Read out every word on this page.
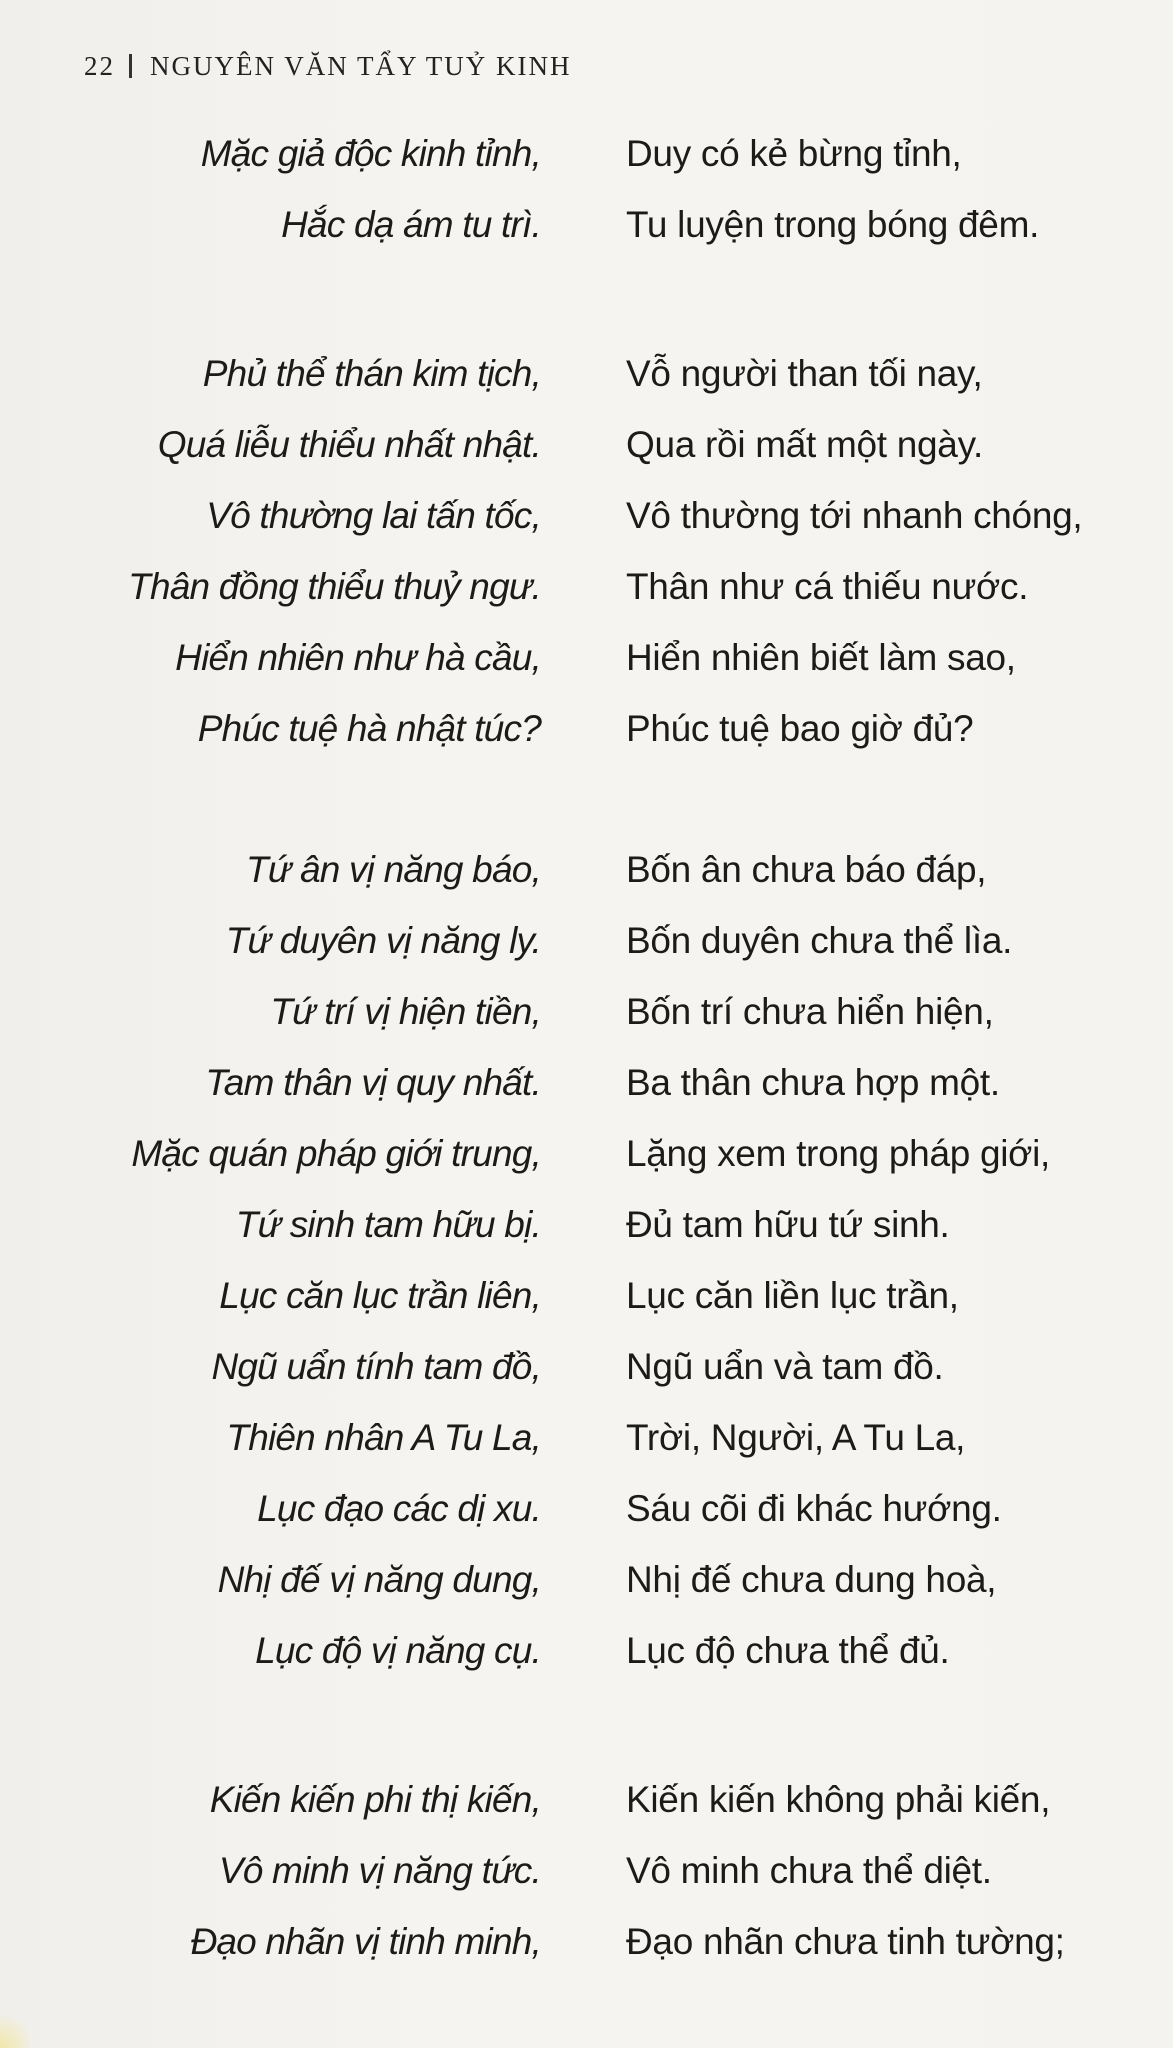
22 NGUYÊN VĂN TẨY TUỶ KINH
Mặc giả độc kinh tỉnh, Duy có kẻ bừng tỉnh,
Hắc dạ ám tu trì. Tu luyện trong bóng đêm.
Phủ thể thán kim tịch, Vỗ người than tối nay,
Quá liễu thiểu nhất nhật. Qua rồi mất một ngày.
Vô thường lai tấn tốc, Vô thường tới nhanh chóng,
Thân đồng thiểu thuỷ ngư. Thân như cá thiếu nước.
Hiển nhiên như hà cầu, Hiển nhiên biết làm sao,
Phúc tuệ hà nhật túc? Phúc tuệ bao giờ đủ?
Tứ ân vị năng báo, Bốn ân chưa báo đáp,
Tứ duyên vị năng ly. Bốn duyên chưa thể lìa.
Tứ trí vị hiện tiền, Bốn trí chưa hiển hiện,
Tam thân vị quy nhất. Ba thân chưa hợp một.
Mặc quán pháp giới trung, Lặng xem trong pháp giới,
Tứ sinh tam hữu bị. Đủ tam hữu tứ sinh.
Lục căn lục trần liên, Lục căn liền lục trần,
Ngũ uẩn tính tam đồ, Ngũ uẩn và tam đồ.
Thiên nhân A Tu La, Trời, Người, A Tu La,
Lục đạo các dị xu. Sáu cõi đi khác hướng.
Nhị đế vị năng dung, Nhị đế chưa dung hoà,
Lục độ vị năng cụ. Lục độ chưa thể đủ.
Kiến kiến phi thị kiến, Kiến kiến không phải kiến,
Vô minh vị năng tức. Vô minh chưa thể diệt.
Đạo nhãn vị tinh minh, Đạo nhãn chưa tinh tường;
